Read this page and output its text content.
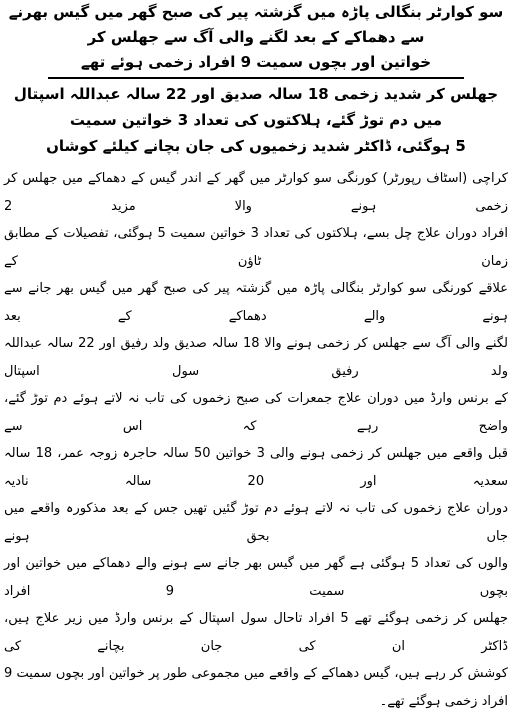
سو کوارٹر بنگالی پاڑہ میں گزشتہ پیر کی صبح گھر میں گیس بھرنے سے دھماکے کے بعد لگنے والی آگ سے جھلس کر
خواتین اور بچوں سمیت 9 افراد زخمی ہوئے تھے
جھلس کر شدید زخمی 18 سالہ صدیق اور 22 سالہ عبداللہ اسپتال میں دم توڑ گئے، ہلاکتوں کی تعداد 3 خواتین سمیت
5 ہوگئی، ڈاکٹر شدید زخمیوں کی جان بچانے کیلئے کوشاں
کراچی (اسٹاف رپورٹر) کورنگی سو کوارٹر میں گھر کے اندر گیس کے دھماکے میں جھلس کر زخمی ہونے والا مزید 2
افراد دوران علاج چل بسے، ہلاکتوں کی تعداد 3 خواتین سمیت 5 ہوگئی، تفصیلات کے مطابق زمان ٹاؤن کے
علاقے کورنگی سو کوارٹر بنگالی پاڑہ میں گزشتہ پیر کی صبح گھر میں گیس بھر جانے سے ہونے والے دھماکے کے بعد
لگنے والی آگ سے جھلس کر زخمی ہونے والا 18 سالہ صدیق ولد رفیق اور 22 سالہ عبداللہ ولد رفیق سول اسپتال
کے برنس وارڈ میں دوران علاج جمعرات کی صبح زخموں کی تاب نہ لاتے ہوئے دم توڑ گئے، واضح رہے کہ اس سے
قبل واقعے میں جھلس کر زخمی ہونے والی 3 خواتین 50 سالہ حاجرہ زوجہ عمر، 18 سالہ سعدیہ اور 20 سالہ نادیہ
دوران علاج زخموں کی تاب نہ لاتے ہوئے دم توڑ گئیں تھیں جس کے بعد مذکورہ واقعے میں جاں بحق ہونے
والوں کی تعداد 5 ہوگئی ہے گھر میں گیس بھر جانے سے ہونے والے دھماکے میں خواتین اور بچوں سمیت 9 افراد
جھلس کر زخمی ہوگئے تھے 5 افراد تاحال سول اسپتال کے برنس وارڈ میں زیر علاج ہیں، ڈاکٹر ان کی جان بچانے کی
کوشش کر رہے ہیں، گیس دھماکے کے واقعے میں مجموعی طور پر خواتین اور بچوں سمیت 9 افراد زخمی ہوگئے تھے۔
